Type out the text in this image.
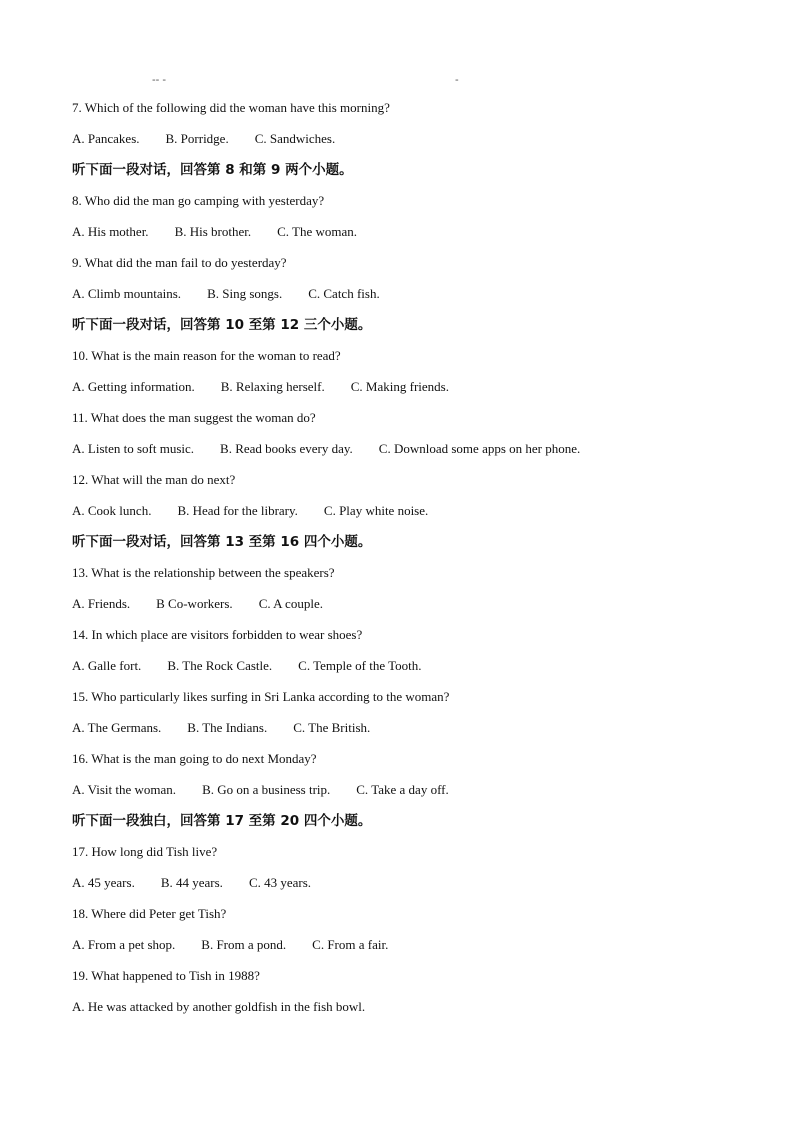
-- -	-
7. Which of the following did the woman have this morning?
A. Pancakes. B. Porridge. C. Sandwiches.
听下面一段对话，回答第 8 和第 9 两个小题。
8. Who did the man go camping with yesterday?
A. His mother. B. His brother. C. The woman.
9. What did the man fail to do yesterday?
A. Climb mountains. B. Sing songs. C. Catch fish.
听下面一段对话，回答第 10 至第 12 三个小题。
10. What is the main reason for the woman to read?
A. Getting information. B. Relaxing herself. C. Making friends.
11. What does the man suggest the woman do?
A. Listen to soft music. B. Read books every day. C. Download some apps on her phone.
12. What will the man do next?
A. Cook lunch. B. Head for the library. C. Play white noise.
听下面一段对话，回答第 13 至第 16 四个小题。
13. What is the relationship between the speakers?
A. Friends. B Co-workers. C. A couple.
14. In which place are visitors forbidden to wear shoes?
A. Galle fort. B. The Rock Castle. C. Temple of the Tooth.
15. Who particularly likes surfing in Sri Lanka according to the woman?
A. The Germans. B. The Indians. C. The British.
16. What is the man going to do next Monday?
A. Visit the woman. B. Go on a business trip. C. Take a day off.
听下面一段独白，回答第 17 至第 20 四个小题。
17. How long did Tish live?
A. 45 years. B. 44 years. C. 43 years.
18. Where did Peter get Tish?
A. From a pet shop. B. From a pond. C. From a fair.
19. What happened to Tish in 1988?
A. He was attacked by another goldfish in the fish bowl.
